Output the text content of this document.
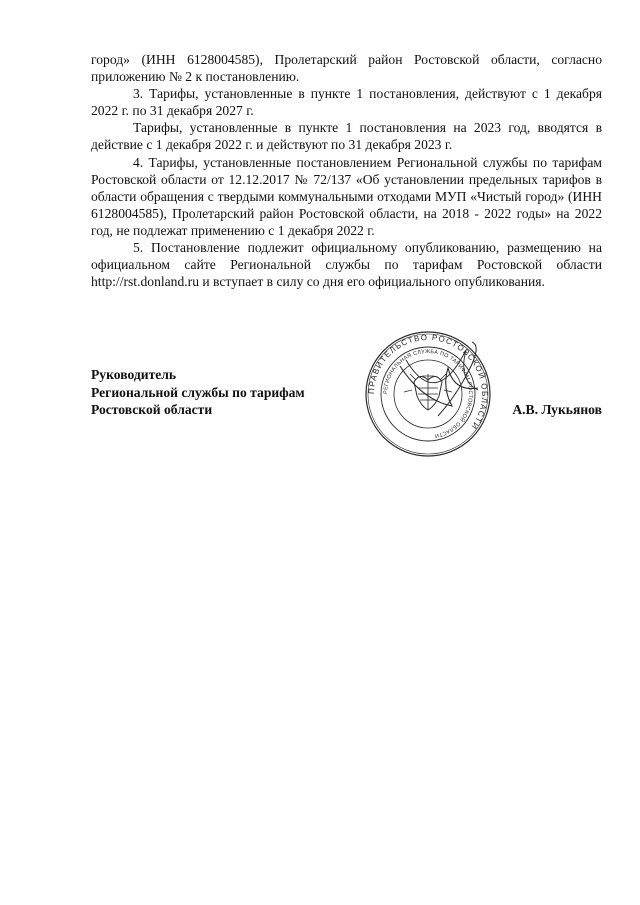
город» (ИНН 6128004585), Пролетарский район Ростовской области, согласно приложению № 2 к постановлению.

3. Тарифы, установленные в пункте 1 постановления, действуют с 1 декабря 2022 г. по 31 декабря 2027 г.

Тарифы, установленные в пункте 1 постановления на 2023 год, вводятся в действие с 1 декабря 2022 г. и действуют по 31 декабря 2023 г.

4. Тарифы, установленные постановлением Региональной службы по тарифам Ростовской области от 12.12.2017 № 72/137 «Об установлении предельных тарифов в области обращения с твердыми коммунальными отходами МУП «Чистый город» (ИНН 6128004585), Пролетарский район Ростовской области, на 2018 - 2022 годы» на 2022 год, не подлежат применению с 1 декабря 2022 г.

5. Постановление подлежит официальному опубликованию, размещению на официальном сайте Региональной службы по тарифам Ростовской области http://rst.donland.ru и вступает в силу со дня его официального опубликования.

Руководитель
Региональной службы по тарифам
Ростовской области
ПРАВИТЕЛЬСТВО РОСТОВСКОЙ ОБЛАСТИ
РЕГИОНАЛЬНАЯ СЛУЖБА ПО ТАРИФАМ РОСТОВСКОЙ ОБЛАСТИ
А.В. Лукьянов
